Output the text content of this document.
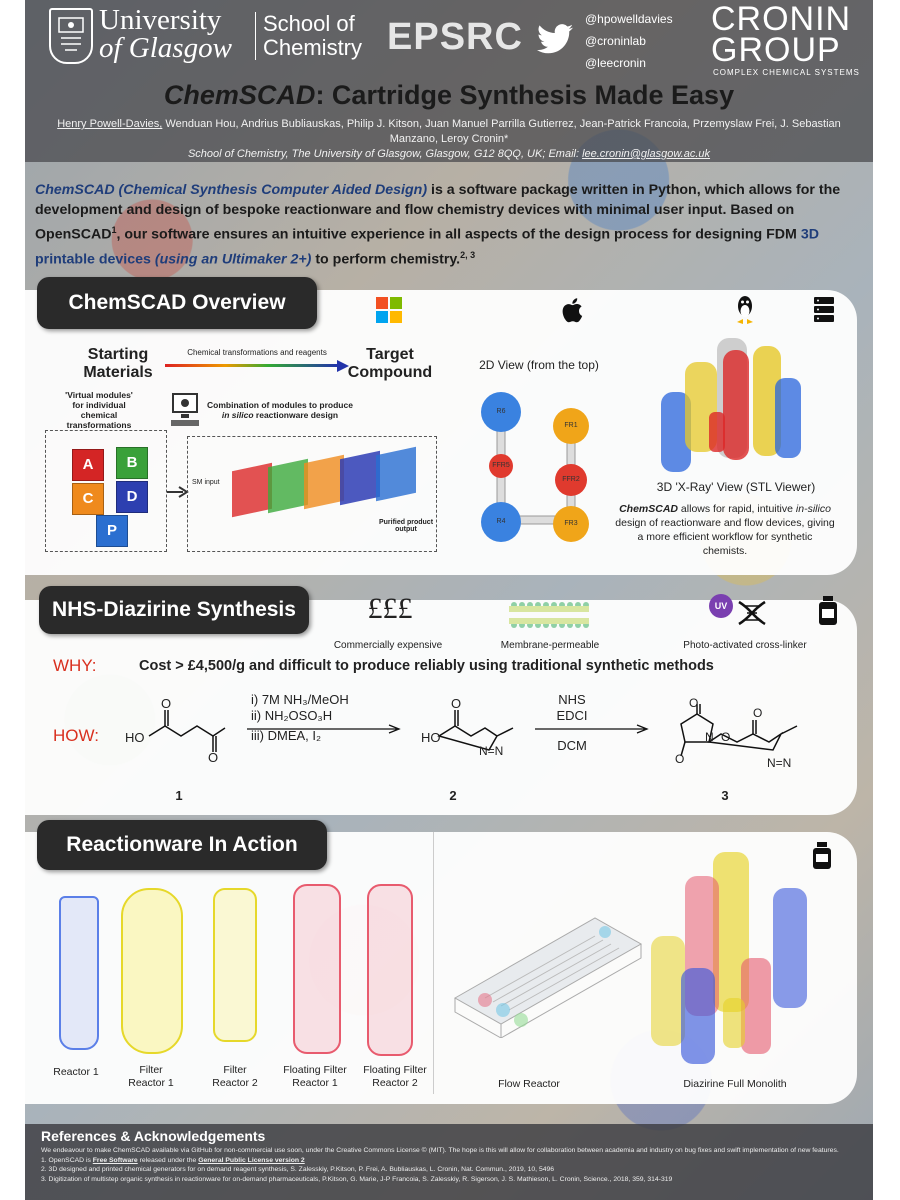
University
of Glasgow
School of
Chemistry EPSRC	@hpowelldavies
@croninlab
@leecronin
CRONIN
GROUP
COMPLEX CHEMICAL SYSTEMS
ChemSCAD: Cartridge Synthesis Made Easy
Henry Powell-Davies, Wenduan Hou, Andrius Bubliauskas, Philip J. Kitson, Juan Manuel Parrilla Gutierrez, Jean-Patrick Francoia, Przemyslaw Frei, J. Sebastian Manzano, Leroy Cronin*
School of Chemistry, The University of Glasgow, Glasgow, G12 8QQ, UK; Email: lee.cronin@glasgow.ac.uk
ChemSCAD (Chemical Synthesis Computer Aided Design) is a software package written in Python, which allows for the development and design of bespoke reactionware and flow chemistry devices with minimal user input. Based on OpenSCAD$^1$, our software ensures an intuitive experience in all aspects of the design process for designing FDM 3D printable devices (using an Ultimaker 2+) to perform chemistry.$^{2, 3}$
ChemSCAD Overview
Starting Materials
Chemical transformations and reagents	Target Compound
'Virtual modules' for individual chemical transformations
Combination of modules to produce in silico reactionware design
A	B
C	D
P
SM input
Purified product output
2D View (from the top)
R6
FFR5
R4
FR1
FFR2
FR3
3D 'X-Ray' View (STL Viewer)
ChemSCAD allows for rapid, intuitive in-silico design of reactionware and flow devices, giving a more efficient workflow for synthetic chemists.
NHS-Diazirine Synthesis	£££	UV
Commercially expensive	Membrane-permeable	Photo-activated cross-linker
WHY:	Cost > £4,500/g and difficult to produce reliably using traditional synthetic methods
HOW: HO
O
O
i) 7M NH₃/MeOH
ii) NH₂OSO₃H
iii) DMEA, I₂	HO
O
N=N
NHS
EDCI
DCM
O
O
N O
O
N=N
1	2	3
Reactionware In Action
Reactor 1	Filter Reactor 1
Filter Reactor 2
Floating Filter Reactor 1
Floating Filter Reactor 2	Flow Reactor	Diazirine Full Monolith
References & Acknowledgements
We endeavour to make ChemSCAD available via GitHub for non-commercial use soon, under the Creative Commons License © (MIT). The hope is this will allow for collaboration between academia and industry on bug fixes and swift implementation of new features.
1. OpenSCAD is Free Software released under the General Public License version 2
2. 3D designed and printed chemical generators for on demand reagent synthesis, S. Zalesskiy, P.Kitson, P. Frei, A. Bubliauskas, L. Cronin, Nat. Commun., 2019, 10, 5496
3. Digitization of multistep organic synthesis in reactionware for on-demand pharmaceuticals, P.Kitson, G. Marie, J-P Francoia, S. Zalesskiy, R. Sigerson, J. S. Mathieson, L. Cronin, Science., 2018, 359, 314-319
